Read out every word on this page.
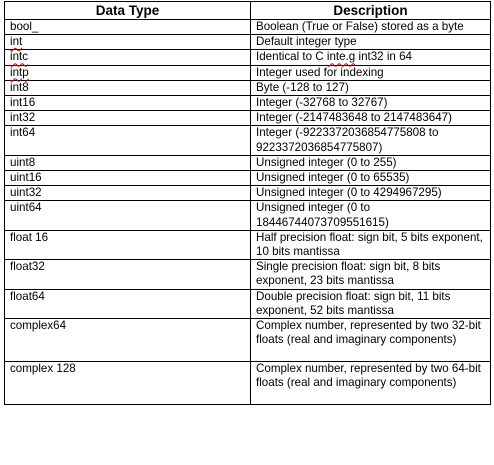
Data Type	Description
bool_	Boolean (True or False) stored as a byte
int	Default integer type
intc	Identical to C inte.g int32 in 64
intp	Integer used for indexing
int8	Byte (-128 to 127)
int16	Integer (-32768 to 32767)
int32	Integer (-2147483648 to 2147483647)
int64	Integer (-9223372036854775808 to 9223372036854775807)
uint8	Unsigned integer (0 to 255)
uint16	Unsigned integer (0 to 65535)
uint32	Unsigned integer (0 to 4294967295)
uint64	Unsigned integer (0 to 18446744073709551615)
float 16	Half precision float: sign bit, 5 bits exponent, 10 bits mantissa
float32	Single precision float: sign bit, 8 bits exponent, 23 bits mantissa
float64	Double precision float: sign bit, 11 bits exponent, 52 bits mantissa
complex64	Complex number, represented by two 32-bit floats (real and imaginary components)
complex 128	Complex number, represented by two 64-bit floats (real and imaginary components)
